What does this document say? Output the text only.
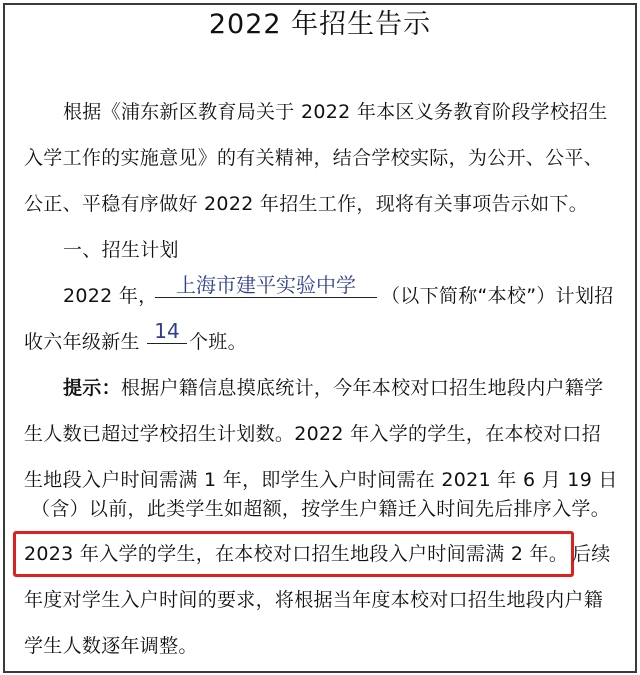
2022 年招生告示
根据《浦东新区教育局关于 2022 年本区义务教育阶段学校招生
入学工作的实施意见》的有关精神，结合学校实际，为公开、公平、
公正、平稳有序做好 2022 年招生工作，现将有关事项告示如下。
一、招生计划
2022 年， 上海市建平实验中学	（以下简称“本校”）计划招
收六年级新生 14 个班。
提示：根据户籍信息摸底统计，今年本校对口招生地段内户籍学
生人数已超过学校招生计划数。2022 年入学的学生，在本校对口招
生地段入户时间需满 1 年，即学生入户时间需在 2021 年 6 月 19 日
（含）以前，此类学生如超额，按学生户籍迁入时间先后排序入学。
2023 年入学的学生，在本校对口招生地段入户时间需满 2 年。 后续
年度对学生入户时间的要求，将根据当年度本校对口招生地段内户籍
学生人数逐年调整。
